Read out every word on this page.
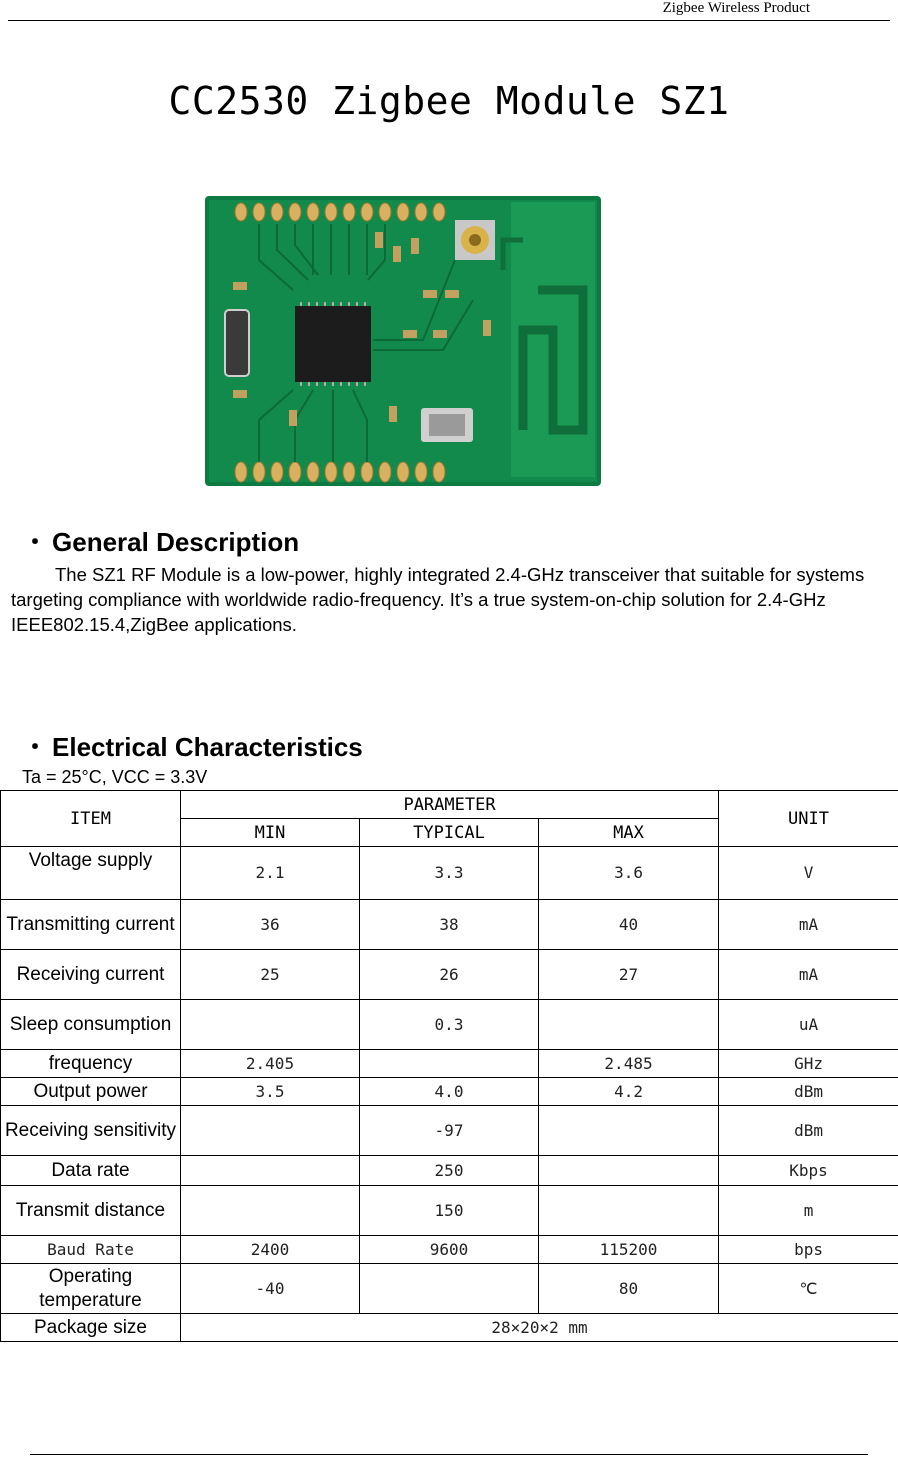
Zigbee Wireless Product
CC2530 Zigbee Module SZ1
・ General Description
The SZ1 RF Module is a low-power, highly integrated 2.4-GHz transceiver that suitable for systems targeting compliance with worldwide radio-frequency. It’s a true system-on-chip solution for 2.4-GHz IEEE802.15.4,ZigBee applications.
・ Electrical Characteristics
Ta = 25°C, VCC = 3.3V
ITEM	PARAMETER			UNIT
	MIN	TYPICAL	MAX	
Voltage supply	2.1	3.3	3.6	V
Transmitting current	36	38	40	mA
Receiving current	25	26	27	mA
Sleep consumption		0.3		uA
frequency	2.405		2.485	GHz
Output power	3.5	4.0	4.2	dBm
Receiving sensitivity		-97		dBm
Data rate		250		Kbps
Transmit distance		150		m
Baud Rate	2400	9600	115200	bps
Operating temperature	-40		80	℃
Package size	28×20×2 mm			
